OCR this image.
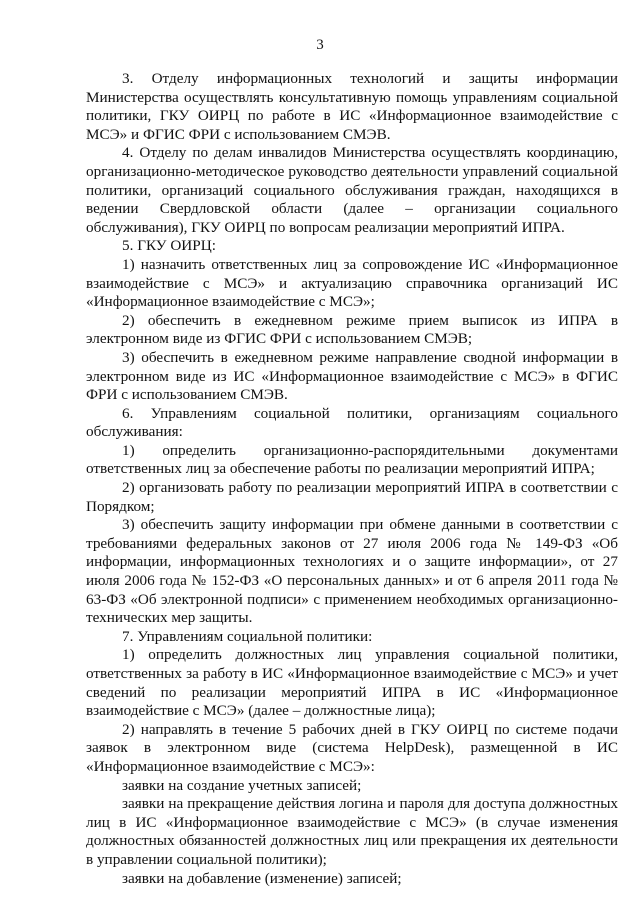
3

3. Отделу информационных технологий и защиты информации Министерства осуществлять консультативную помощь управлениям социальной политики, ГКУ ОИРЦ по работе в ИС «Информационное взаимодействие с МСЭ» и ФГИС ФРИ с использованием СМЭВ.

4. Отделу по делам инвалидов Министерства осуществлять координацию, организационно-методическое руководство деятельности управлений социальной политики, организаций социального обслуживания граждан, находящихся в ведении Свердловской области (далее – организации социального обслуживания), ГКУ ОИРЦ по вопросам реализации мероприятий ИПРА.

5. ГКУ ОИРЦ:

1) назначить ответственных лиц за сопровождение ИС «Информационное взаимодействие с МСЭ» и актуализацию справочника организаций ИС «Информационное взаимодействие с МСЭ»;

2) обеспечить в ежедневном режиме прием выписок из ИПРА в электронном виде из ФГИС ФРИ с использованием СМЭВ;

3) обеспечить в ежедневном режиме направление сводной информации в электронном виде из ИС «Информационное взаимодействие с МСЭ» в ФГИС ФРИ с использованием СМЭВ.

6. Управлениям социальной политики, организациям социального обслуживания:

1) определить организационно-распорядительными документами ответственных лиц за обеспечение работы по реализации мероприятий ИПРА;

2) организовать работу по реализации мероприятий ИПРА в соответствии с Порядком;

3) обеспечить защиту информации при обмене данными в соответствии с требованиями федеральных законов от 27 июля 2006 года № 149-ФЗ «Об информации, информационных технологиях и о защите информации», от 27 июля 2006 года № 152-ФЗ «О персональных данных» и от 6 апреля 2011 года № 63-ФЗ «Об электронной подписи» с применением необходимых организационно-технических мер защиты.

7. Управлениям социальной политики:

1) определить должностных лиц управления социальной политики, ответственных за работу в ИС «Информационное взаимодействие с МСЭ» и учет сведений по реализации мероприятий ИПРА в ИС «Информационное взаимодействие с МСЭ» (далее – должностные лица);

2) направлять в течение 5 рабочих дней в ГКУ ОИРЦ по системе подачи заявок в электронном виде (система HelpDesk), размещенной в ИС «Информационное взаимодействие с МСЭ»:

заявки на создание учетных записей;

заявки на прекращение действия логина и пароля для доступа должностных лиц в ИС «Информационное взаимодействие с МСЭ» (в случае изменения должностных обязанностей должностных лиц или прекращения их деятельности в управлении социальной политики);

заявки на добавление (изменение) записей;
